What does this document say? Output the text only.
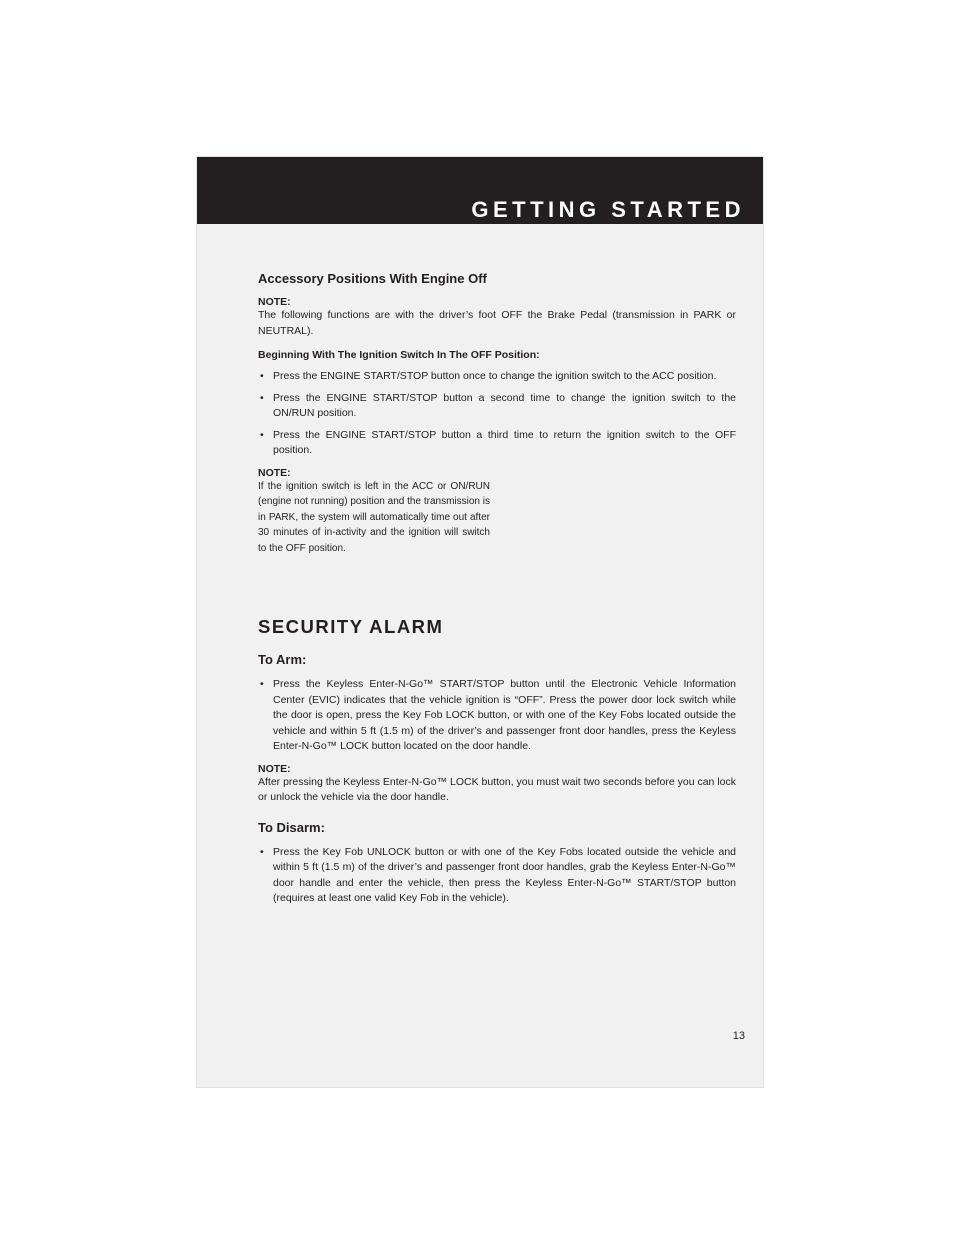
GETTING STARTED
Accessory Positions With Engine Off

NOTE:

The following functions are with the driver’s foot OFF the Brake Pedal (transmission in PARK or NEUTRAL).

Beginning With The Ignition Switch In The OFF Position:

• Press the ENGINE START/STOP button once to change the ignition switch to the ACC position.
• Press the ENGINE START/STOP button a second time to change the ignition switch to the ON/RUN position.
• Press the ENGINE START/STOP button a third time to return the ignition switch to the OFF position.

NOTE:

If the ignition switch is left in the ACC or ON/RUN (engine not running) position and the transmission is in PARK, the system will automatically time out after 30 minutes of in-activity and the ignition will switch to the OFF position.

SECURITY ALARM
To Arm:
• Press the Keyless Enter-N-Go™ START/STOP button until the Electronic Vehicle Information Center (EVIC) indicates that the vehicle ignition is “OFF”. Press the power door lock switch while the door is open, press the Key Fob LOCK button, or with one of the Key Fobs located outside the vehicle and within 5 ft (1.5 m) of the driver’s and passenger front door handles, press the Keyless Enter-N-Go™ LOCK button located on the door handle.

NOTE:

After pressing the Keyless Enter-N-Go™ LOCK button, you must wait two seconds before you can lock or unlock the vehicle via the door handle.

To Disarm:
• Press the Key Fob UNLOCK button or with one of the Key Fobs located outside the vehicle and within 5 ft (1.5 m) of the driver’s and passenger front door handles, grab the Keyless Enter-N-Go™ door handle and enter the vehicle, then press the Keyless Enter-N-Go™ START/STOP button (requires at least one valid Key Fob in the vehicle).
13
